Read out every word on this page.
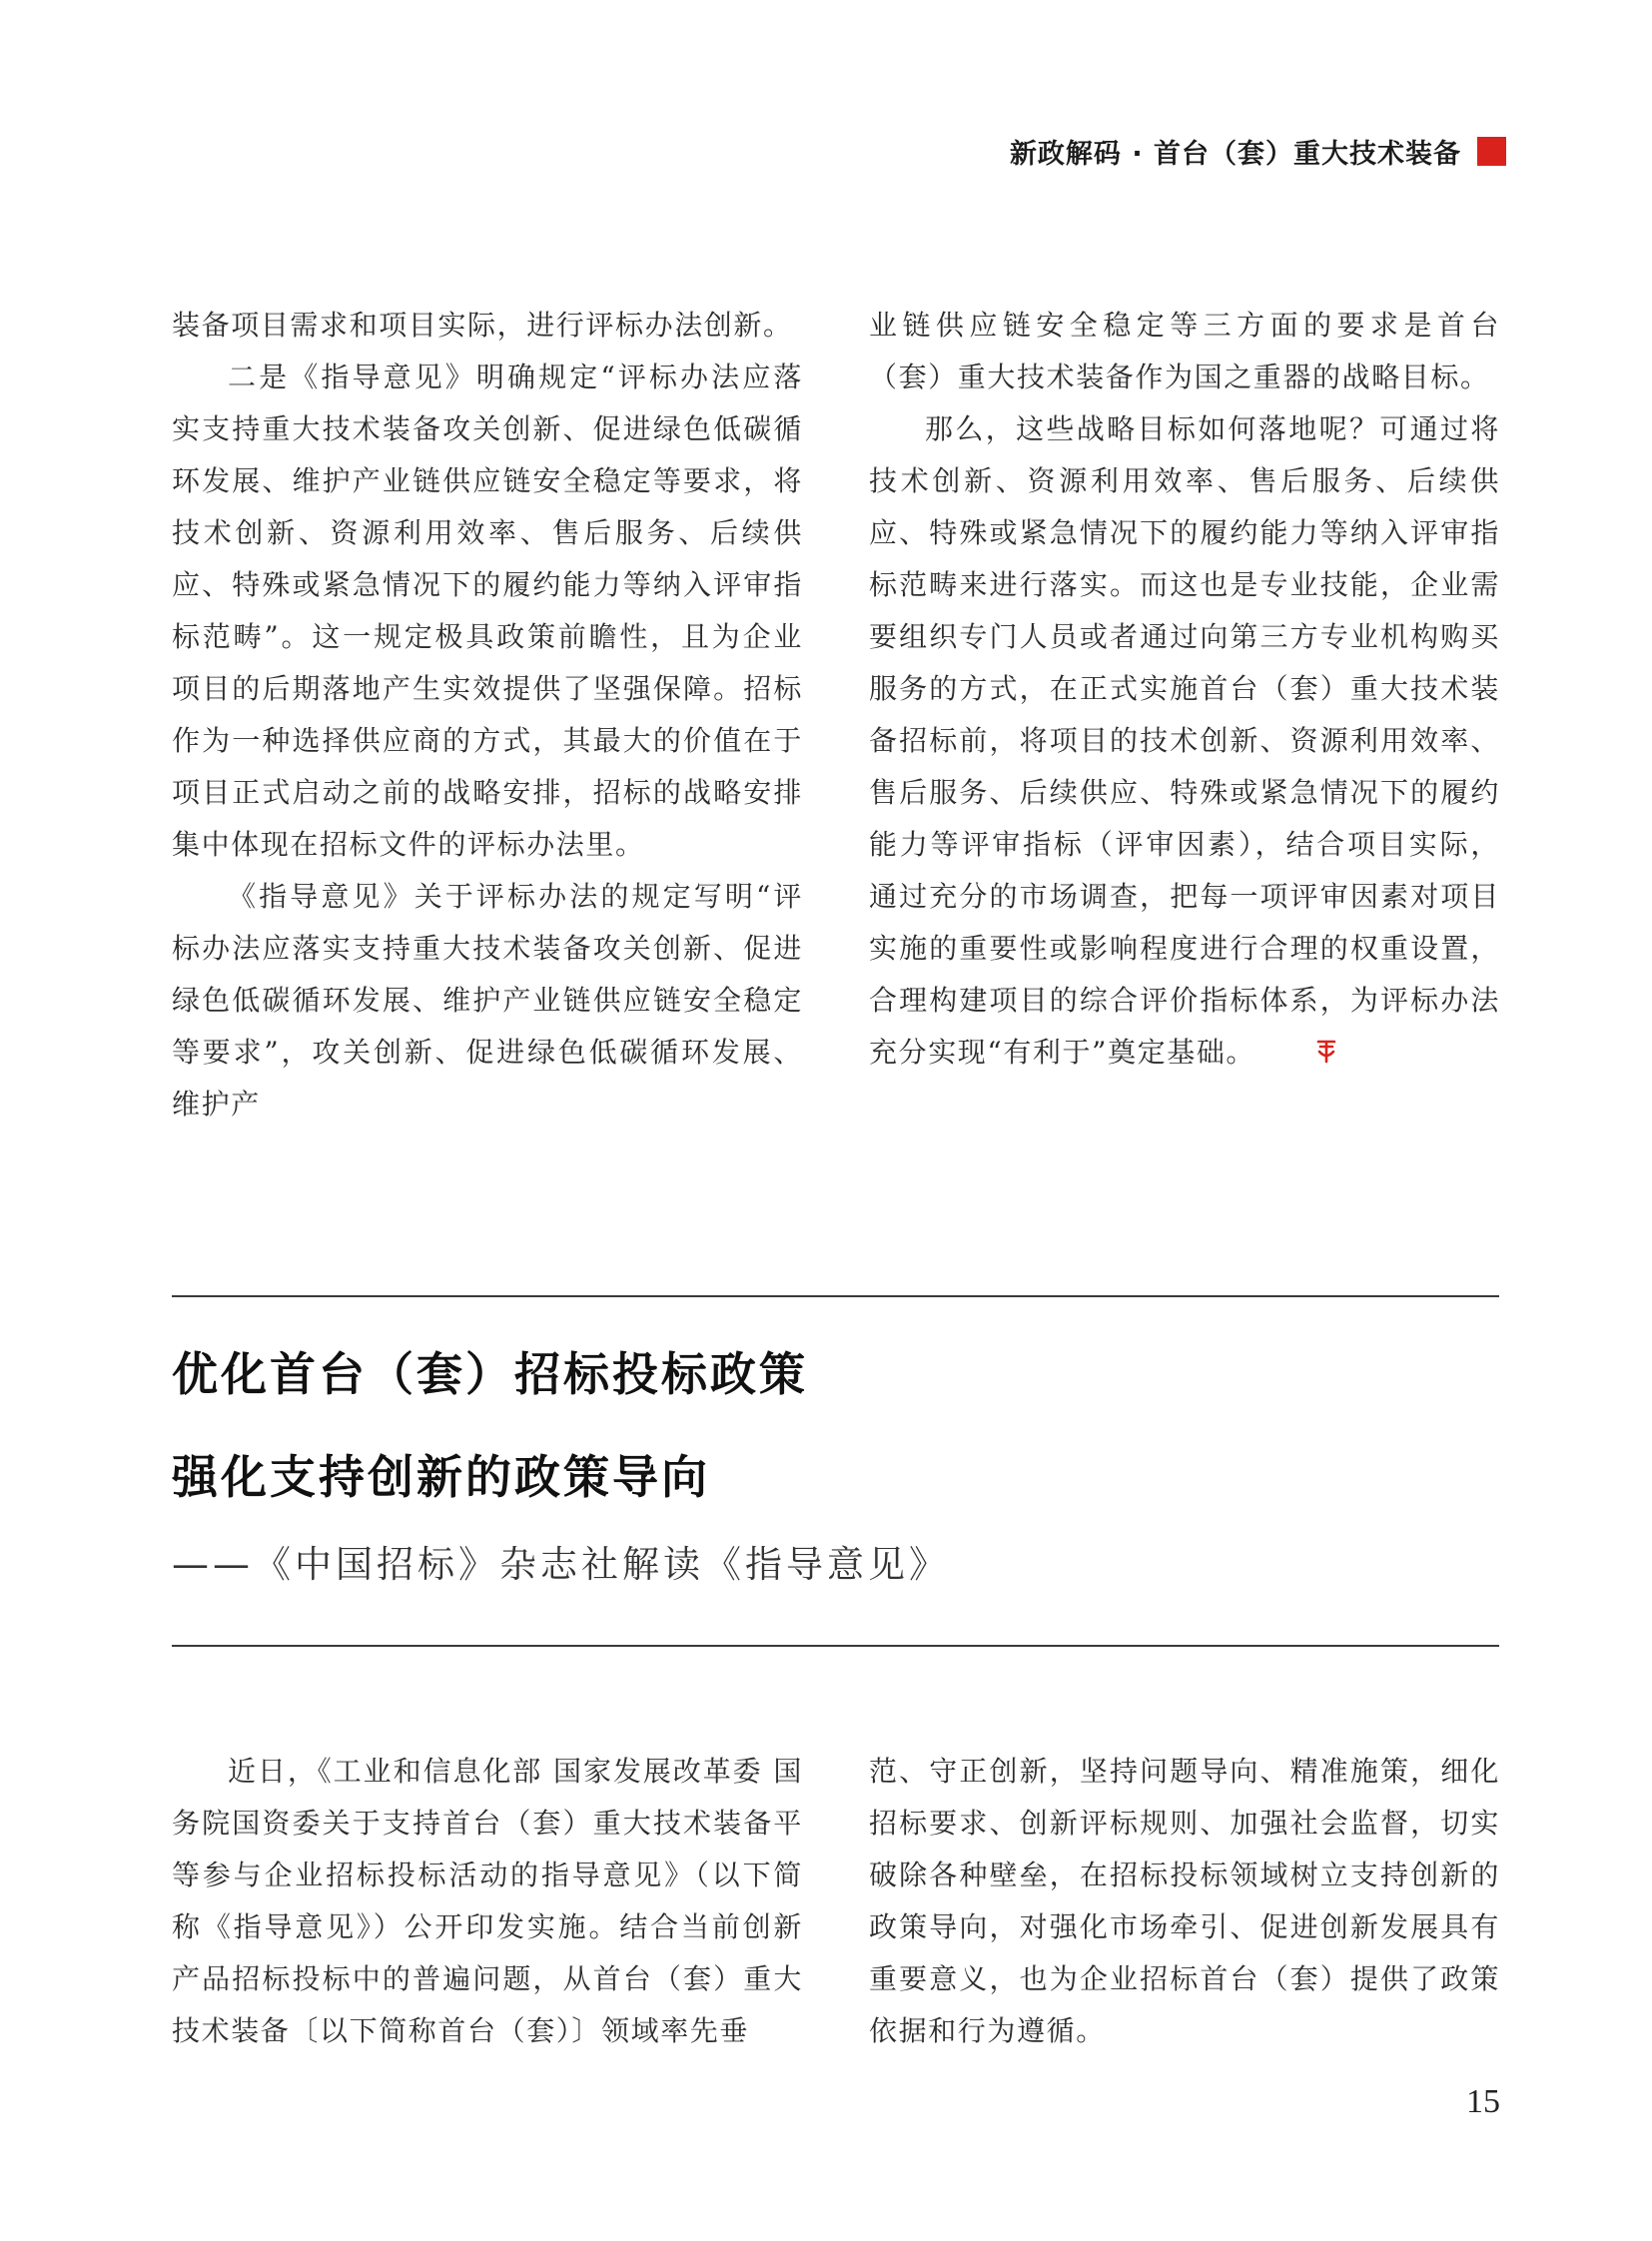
新政解码 · 首台（套）重大技术装备

装备项目需求和项目实际，进行评标办法创新。

二是《指导意见》明确规定“评标办法应落实支持重大技术装备攻关创新、促进绿色低碳循环发展、维护产业链供应链安全稳定等要求，将技术创新、资源利用效率、售后服务、后续供应、特殊或紧急情况下的履约能力等纳入评审指标范畴”。这一规定极具政策前瞻性，且为企业项目的后期落地产生实效提供了坚强保障。招标作为一种选择供应商的方式，其最大的价值在于项目正式启动之前的战略安排，招标的战略安排集中体现在招标文件的评标办法里。

《指导意见》关于评标办法的规定写明“评标办法应落实支持重大技术装备攻关创新、促进绿色低碳循环发展、维护产业链供应链安全稳定等要求”，攻关创新、促进绿色低碳循环发展、维护产

业链供应链安全稳定等三方面的要求是首台（套）重大技术装备作为国之重器的战略目标。

那么，这些战略目标如何落地呢？可通过将技术创新、资源利用效率、售后服务、后续供应、特殊或紧急情况下的履约能力等纳入评审指标范畴来进行落实。而这也是专业技能，企业需要组织专门人员或者通过向第三方专业机构购买服务的方式，在正式实施首台（套）重大技术装备招标前，将项目的技术创新、资源利用效率、售后服务、后续供应、特殊或紧急情况下的履约能力等评审指标（评审因素），结合项目实际，通过充分的市场调查，把每一项评审因素对项目实施的重要性或影响程度进行合理的权重设置，合理构建项目的综合评价指标体系，为评标办法充分实现“有利于”奠定基础。

优化首台（套）招标投标政策
强化支持创新的政策导向
——《中国招标》杂志社解读《指导意见》

近日，《工业和信息化部 国家发展改革委 国务院国资委关于支持首台（套）重大技术装备平等参与企业招标投标活动的指导意见》（以下简称《指导意见》）公开印发实施。结合当前创新产品招标投标中的普遍问题，从首台（套）重大技术装备〔以下简称首台（套）〕领域率先垂

范、守正创新，坚持问题导向、精准施策，细化招标要求、创新评标规则、加强社会监督，切实破除各种壁垒，在招标投标领域树立支持创新的政策导向，对强化市场牵引、促进创新发展具有重要意义，也为企业招标首台（套）提供了政策依据和行为遵循。

15
